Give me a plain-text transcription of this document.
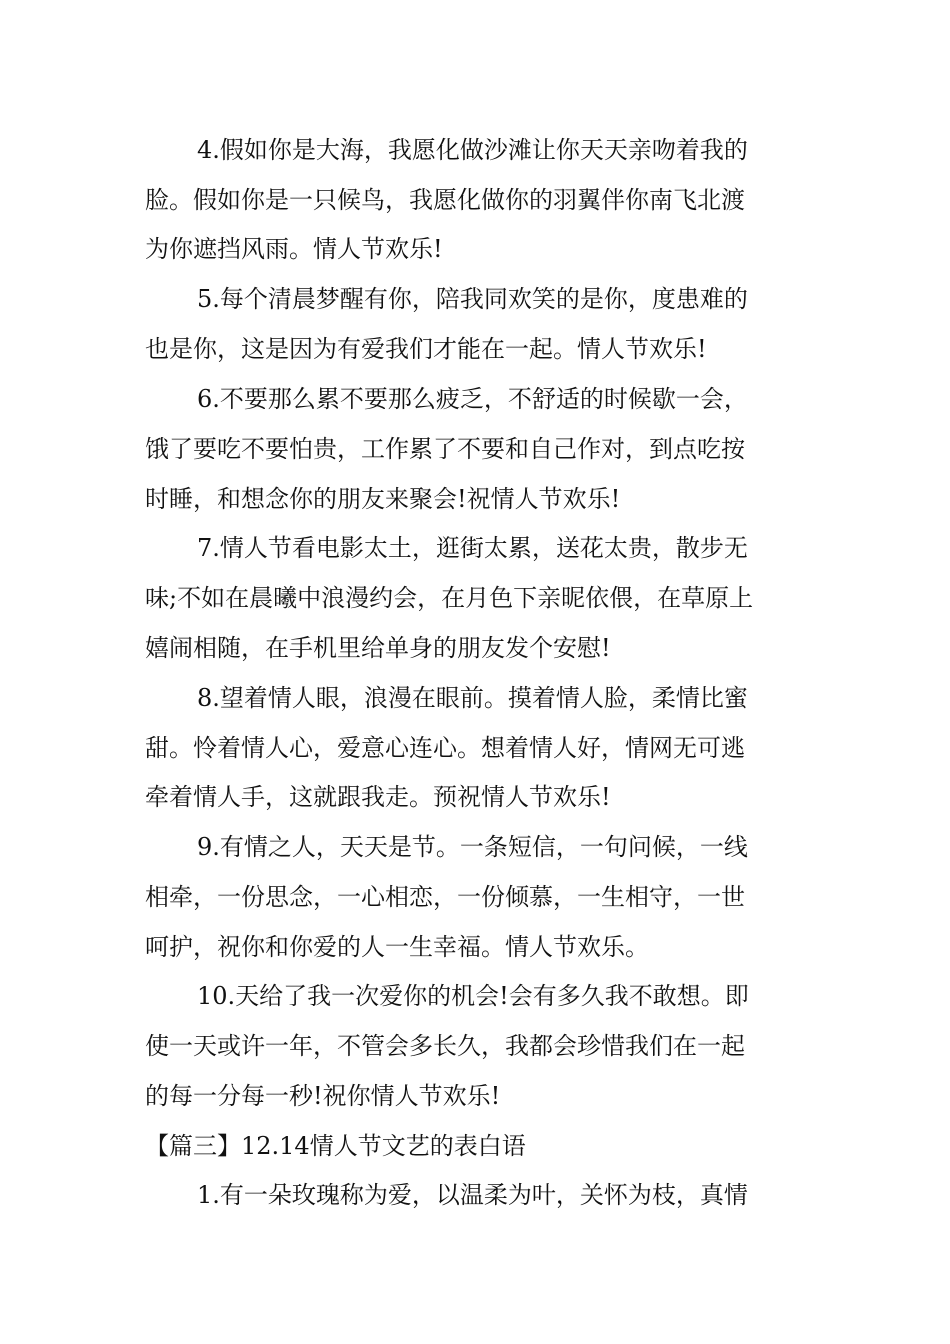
4.假如你是大海，我愿化做沙滩让你天天亲吻着我的
脸。假如你是一只候鸟，我愿化做你的羽翼伴你南飞北渡
为你遮挡风雨。情人节欢乐!
5.每个清晨梦醒有你，陪我同欢笑的是你，度患难的
也是你，这是因为有爱我们才能在一起。情人节欢乐!
6.不要那么累不要那么疲乏，不舒适的时候歇一会，
饿了要吃不要怕贵，工作累了不要和自己作对，到点吃按
时睡，和想念你的朋友来聚会!祝情人节欢乐!
7.情人节看电影太土，逛街太累，送花太贵，散步无
味;不如在晨曦中浪漫约会，在月色下亲昵依偎，在草原上
嬉闹相随，在手机里给单身的朋友发个安慰!
8.望着情人眼，浪漫在眼前。摸着情人脸，柔情比蜜
甜。怜着情人心，爱意心连心。想着情人好，情网无可逃
牵着情人手，这就跟我走。预祝情人节欢乐!
9.有情之人，天天是节。一条短信，一句问候，一线
相牵，一份思念，一心相恋，一份倾慕，一生相守，一世
呵护，祝你和你爱的人一生幸福。情人节欢乐。
10.天给了我一次爱你的机会!会有多久我不敢想。即
使一天或许一年，不管会多长久，我都会珍惜我们在一起
的每一分每一秒!祝你情人节欢乐!
【篇三】12.14情人节文艺的表白语
1.有一朵玫瑰称为爱，以温柔为叶，关怀为枝，真情
